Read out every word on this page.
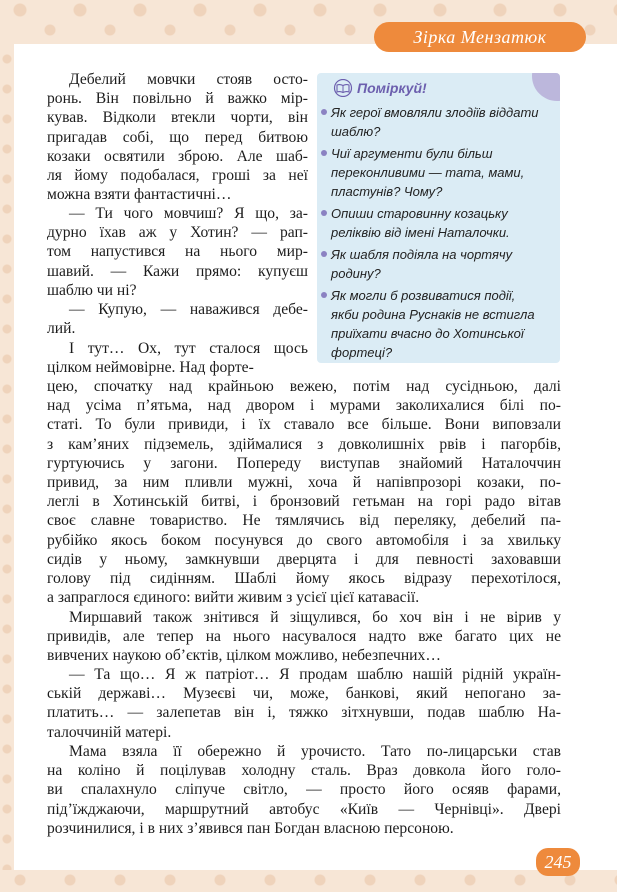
Зірка Мензатюк
Дебелий мовчки стояв осто-
ронь. Він повільно й важко мір-
кував. Відколи втекли чорти, він
пригадав собі, що перед битвою
козаки освятили зброю. Але шаб-
ля йому подобалася, гроші за неї
можна взяти фантастичні…
— Ти чого мовчиш? Я що, за-
дурно їхав аж у Хотин? — рап-
том напустився на нього мир-
шавий. — Кажи прямо: купуєш
шаблю чи ні?
— Купую, — наважився дебе-
лий.
І тут… Ох, тут сталося щось
цілком неймовірне. Над форте-
цею, спочатку над крайньою вежею, потім над сусідньою, далі
над усіма п’ятьма, над двором і мурами заколихалися білі по-
статі. То були привиди, і їх ставало все більше. Вони виповзали
з кам’яних підземель, здіймалися з довколишніх рвів і пагорбів,
гуртуючись у загони. Попереду виступав знайомий Наталоччин
привид, за ним пливли мужні, хоча й напівпрозорі козаки, по-
леглі в Хотинській битві, і бронзовий гетьман на горі радо вітав
своє славне товариство. Не тямлячись від переляку, дебелий па-
рубійко якось боком посунувся до свого автомобіля і за хвильку
сидів у ньому, замкнувши дверцята і для певності заховавши
голову під сидінням. Шаблі йому якось відразу перехотілося,
а запраглося єдиного: вийти живим з усієї цієї катавасії.
Миршавий також знітився й зіщулився, бо хоч він і не вірив у
привидів, але тепер на нього насувалося надто вже багато цих не
вивчених наукою об’єктів, цілком можливо, небезпечних…
— Та що… Я ж патріот… Я продам шаблю нашій рідній україн-
ській державі… Музеєві чи, може, банкові, який непогано за-
платить… — залепетав він і, тяжко зітхнувши, подав шаблю На-
талоччиній матері.
Мама взяла її обережно й урочисто. Тато по-лицарськи став
на коліно й поцілував холодну сталь. Враз довкола його голо-
ви спалахнуло сліпуче світло, — просто його осяяв фарами,
під’їжджаючи, маршрутний автобус «Київ — Чернівці». Двері
розчинилися, і в них з’явився пан Богдан власною персоною.
Поміркуй!
Як герої вмовляли злодіїв віддати
шаблю?
Чиї аргументи були більш
переконливими — тата, мами,
пластунів? Чому?
Опиши старовинну козацьку
реліквію від імені Наталочки.
Як шабля подіяла на чортячу
родину?
Як могли б розвиватися події,
якби родина Руснаків не встигла
приїхати вчасно до Хотинської
фортеці?
245
